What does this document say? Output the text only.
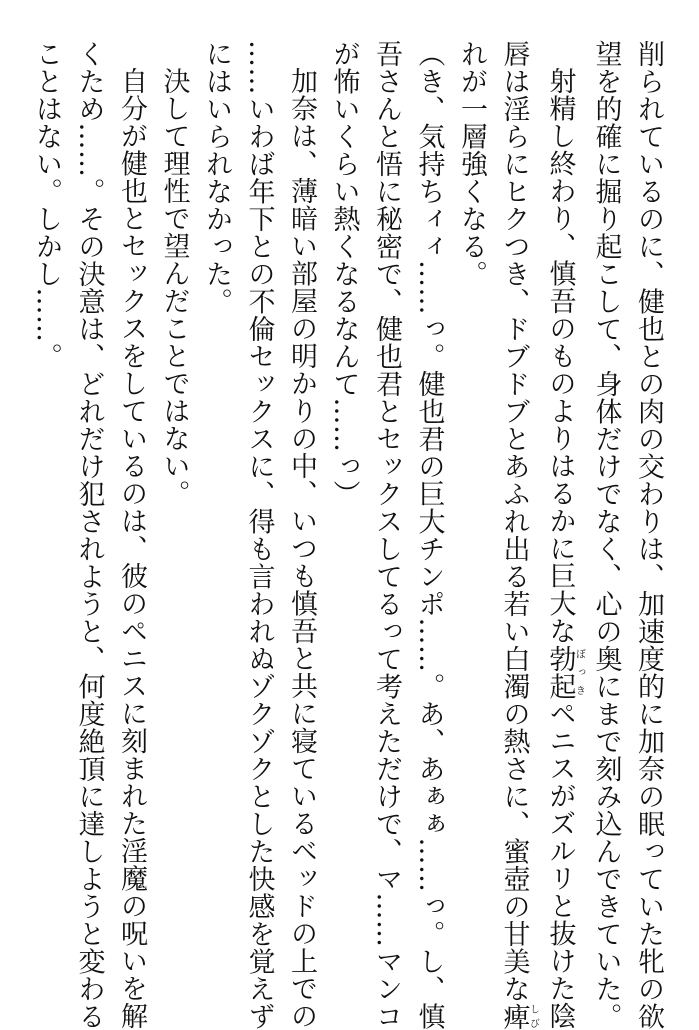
削られているのに、健也との肉の交わりは、加速度的に加奈の眠っていた牝の欲
望を的確に掘り起こして、身体だけでなく、心の奥にまで刻み込んできていた。
射精し終わり、慎吾のものよりはるかに巨大な勃起ぼっきペニスがズルリと抜けた陰
唇は淫らにヒクつき、ドブドブとあふれ出る若い白濁の熱さに、蜜壺の甘美な痺しび
れが一層強くなる。
（き、気持ちィィ……っ。健也君の巨大チンポ……。あ、あぁぁ……っ。し、慎
吾さんと悟に秘密で、健也君とセックスしてるって考えただけで、マ……マンコ
が怖いくらい熱くなるなんて……っ）
加奈は、薄暗い部屋の明かりの中、いつも慎吾と共に寝ているベッドの上での
……いわば年下との不倫セックスに、得も言われぬゾクゾクとした快感を覚えず
にはいられなかった。
決して理性で望んだことではない。
自分が健也とセックスをしているのは、彼のペニスに刻まれた淫魔の呪いを解
くため……。その決意は、どれだけ犯されようと、何度絶頂に達しようと変わる
ことはない。しかし……。
